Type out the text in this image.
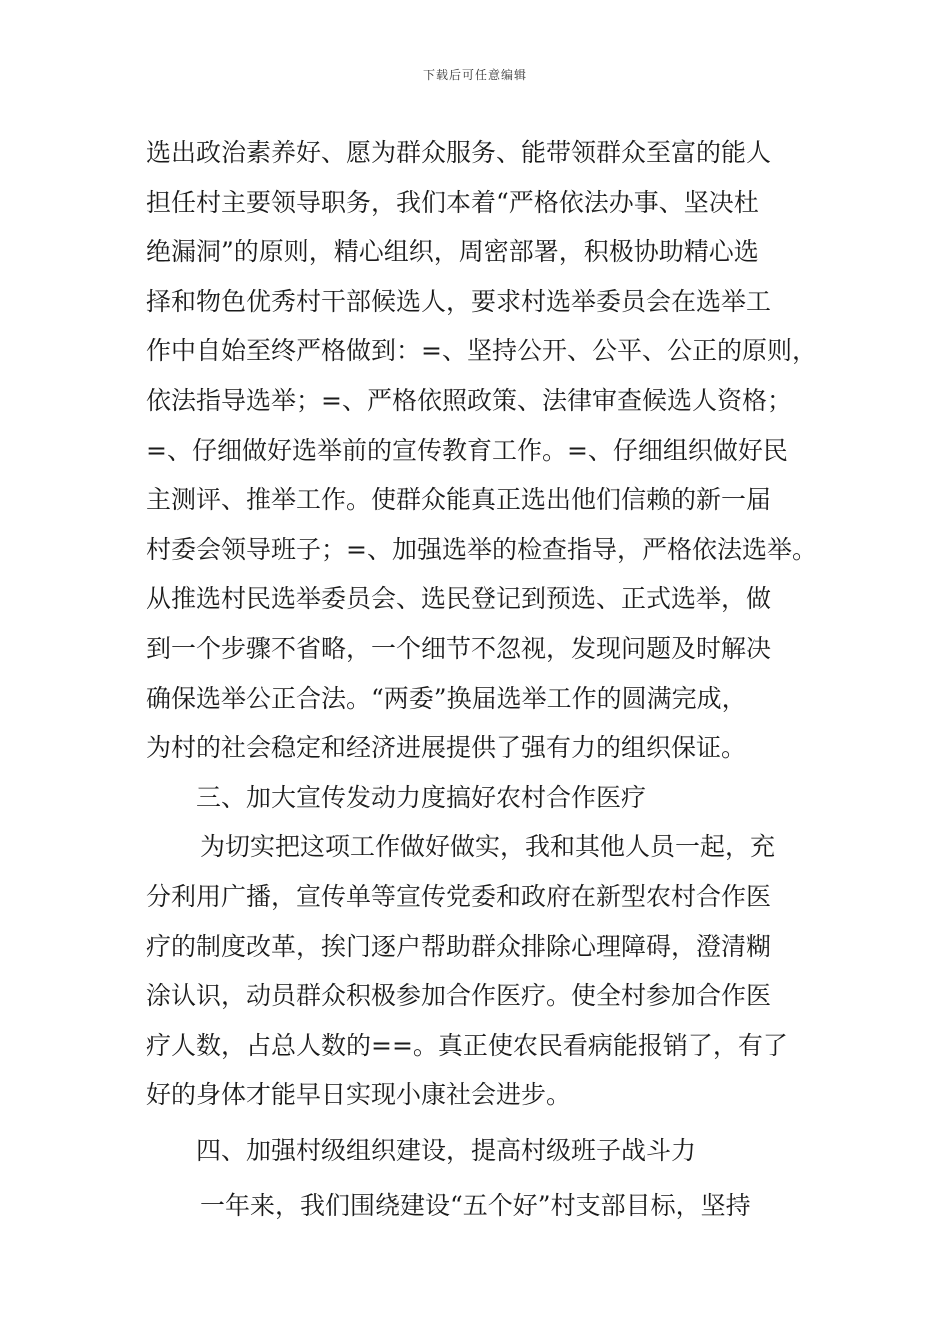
下载后可任意编辑
选出政治素养好、愿为群众服务、能带领群众至富的能人
担任村主要领导职务，我们本着“严格依法办事、坚决杜
绝漏洞”的原则，精心组织，周密部署，积极协助精心选
择和物色优秀村干部候选人，要求村选举委员会在选举工
作中自始至终严格做到：=、坚持公开、公平、公正的原则，
依法指导选举；=、严格依照政策、法律审查候选人资格；
=、仔细做好选举前的宣传教育工作。=、仔细组织做好民
主测评、推举工作。使群众能真正选出他们信赖的新一届
村委会领导班子；=、加强选举的检查指导，严格依法选举。
从推选村民选举委员会、选民登记到预选、正式选举，做
到一个步骤不省略，一个细节不忽视，发现问题及时解决
确保选举公正合法。“两委”换届选举工作的圆满完成，
为村的社会稳定和经济进展提供了强有力的组织保证。
三、加大宣传发动力度搞好农村合作医疗
为切实把这项工作做好做实，我和其他人员一起，充
分利用广播，宣传单等宣传党委和政府在新型农村合作医
疗的制度改革，挨门逐户帮助群众排除心理障碍，澄清糊
涂认识，动员群众积极参加合作医疗。使全村参加合作医
疗人数，占总人数的==。真正使农民看病能报销了，有了
好的身体才能早日实现小康社会进步。
四、加强村级组织建设，提高村级班子战斗力
一年来，我们围绕建设“五个好”村支部目标，坚持
